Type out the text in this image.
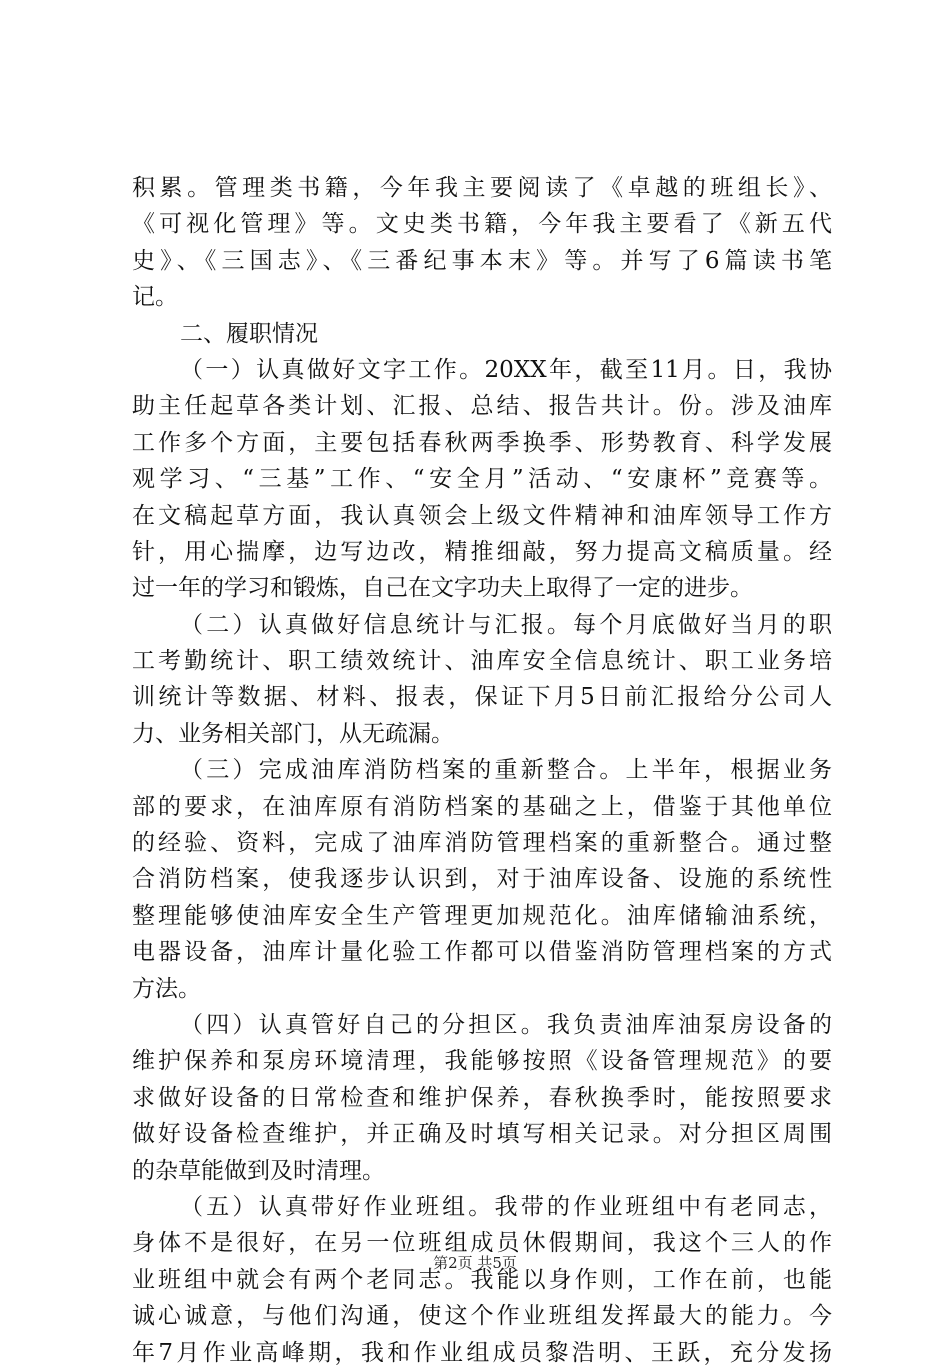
积累。管理类书籍，今年我主要阅读了《卓越的班组长》、
《可视化管理》等。文史类书籍，今年我主要看了《新五代
史》、《三国志》、《三番纪事本末》等。并写了6篇读书笔
记。
二、履职情况
（一）认真做好文字工作。20XX年，截至11月。日，我协
助主任起草各类计划、汇报、总结、报告共计。份。涉及油库
工作多个方面，主要包括春秋两季换季、形势教育、科学发展
观学习、“三基”工作、“安全月”活动、“安康杯”竞赛等。
在文稿起草方面，我认真领会上级文件精神和油库领导工作方
针，用心揣摩，边写边改，精推细敲，努力提高文稿质量。经
过一年的学习和锻炼，自己在文字功夫上取得了一定的进步。
（二）认真做好信息统计与汇报。每个月底做好当月的职
工考勤统计、职工绩效统计、油库安全信息统计、职工业务培
训统计等数据、材料、报表，保证下月5日前汇报给分公司人
力、业务相关部门，从无疏漏。
（三）完成油库消防档案的重新整合。上半年，根据业务
部的要求，在油库原有消防档案的基础之上，借鉴于其他单位
的经验、资料，完成了油库消防管理档案的重新整合。通过整
合消防档案，使我逐步认识到，对于油库设备、设施的系统性
整理能够使油库安全生产管理更加规范化。油库储输油系统，
电器设备，油库计量化验工作都可以借鉴消防管理档案的方式
方法。
（四）认真管好自己的分担区。我负责油库油泵房设备的
维护保养和泵房环境清理，我能够按照《设备管理规范》的要
求做好设备的日常检查和维护保养，春秋换季时，能按照要求
做好设备检查维护，并正确及时填写相关记录。对分担区周围
的杂草能做到及时清理。
（五）认真带好作业班组。我带的作业班组中有老同志，
身体不是很好，在另一位班组成员休假期间，我这个三人的作
业班组中就会有两个老同志。我能以身作则，工作在前，也能
诚心诚意，与他们沟通，使这个作业班组发挥最大的能力。今
年7月作业高峰期，我和作业组成员黎浩明、王跃，充分发扬
第2页 共5页
